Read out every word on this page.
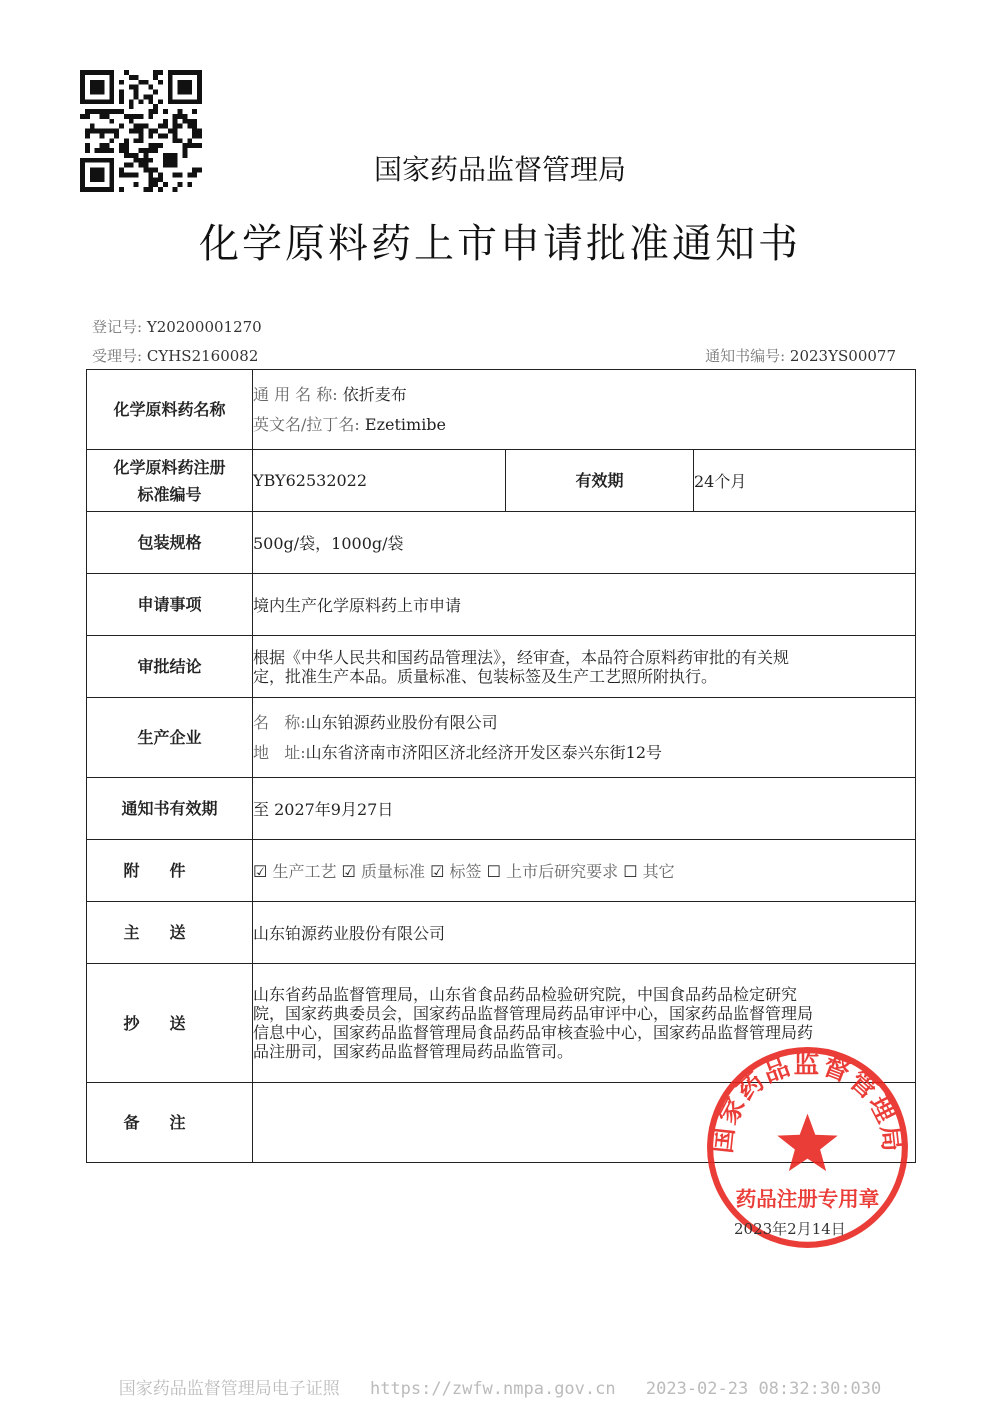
国家药品监督管理局
化学原料药上市申请批准通知书
登记号: Y20200001270
受理号: CYHS2160082	通知书编号: 2023YS00077
化学原料药名称	通 用 名 称: 依折麦布
英文名/拉丁名: Ezetimibe		

化学原料药注册
标准编号	YBY62532022	有效期	24个月
包装规格	500g/袋，1000g/袋		
申请事项	境内生产化学原料药上市申请		
审批结论	根据《中华人民共和国药品管理法》，经审查，本品符合原料药审批的有关规
定，批准生产本品。质量标准、包装标签及生产工艺照所附执行。		

生产企业	名   称:山东铂源药业股份有限公司
地   址:山东省济南市济阳区济北经济开发区泰兴东街12号		

通知书有效期	至 2027年9月27日		
附件	☑ 生产工艺 ☑ 质量标准 ☑ 标签 ☐ 上市后研究要求 ☐ 其它		
主送	山东铂源药业股份有限公司		
抄送	山东省药品监督管理局，山东省食品药品检验研究院，中国食品药品检定研究
院，国家药典委员会，国家药品监督管理局药品审评中心，国家药品监督管理局
信息中心，国家药品监督管理局食品药品审核查验中心，国家药品监督管理局药
品注册司，国家药品监督管理局药品监管司。		

备注			
国家药品监督管理局
药品注册专用章
2023年2月14日
国家药品监督管理局电子证照 https://zwfw.nmpa.gov.cn 2023-02-23 08:32:30:030
